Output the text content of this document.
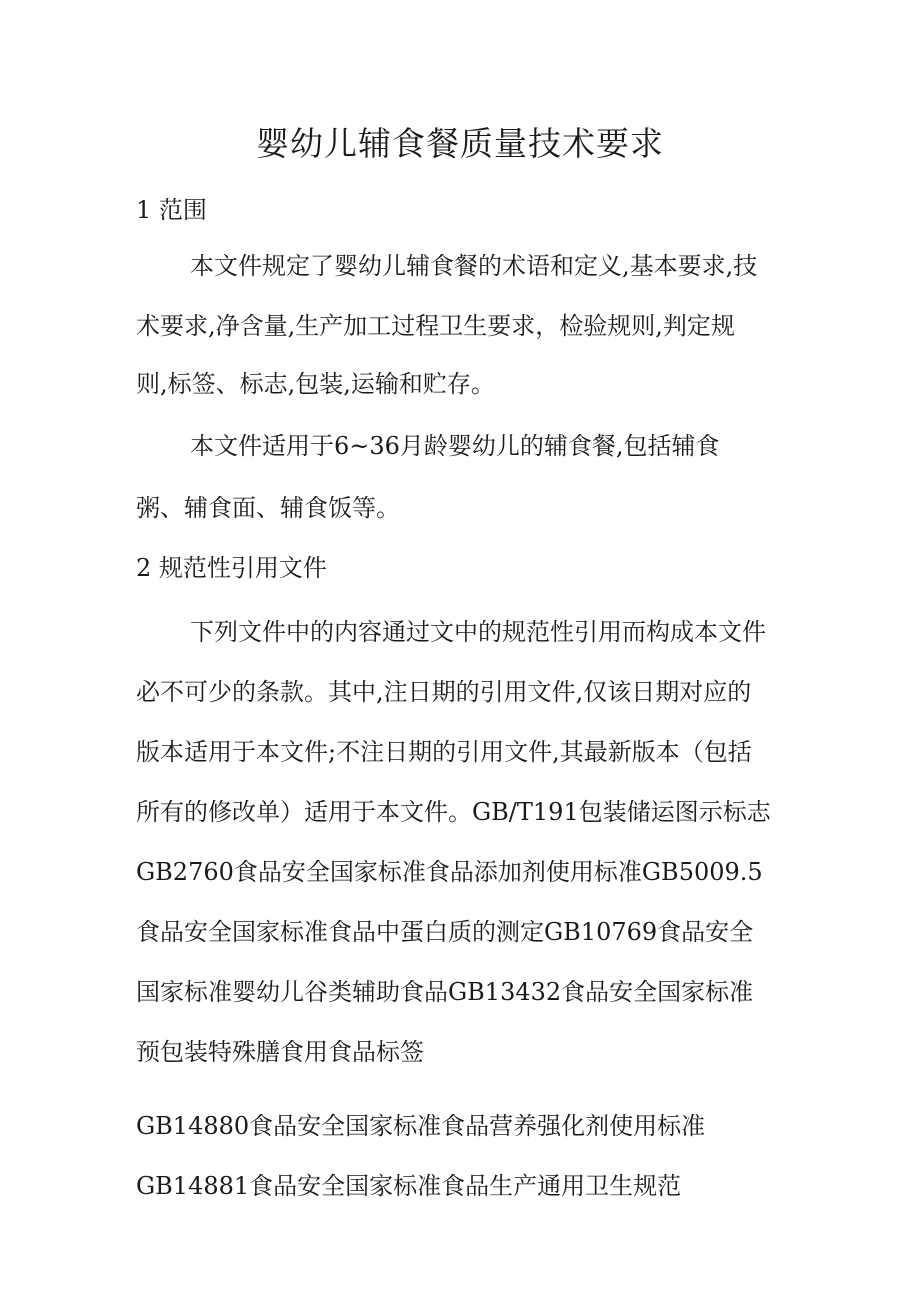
婴幼儿辅食餐质量技术要求

1 范围

本文件规定了婴幼儿辅食餐的术语和定义,基本要求,技

术要求,净含量,生产加工过程卫生要求，检验规则,判定规

则,标签、标志,包装,运输和贮存。

本文件适用于6~36月龄婴幼儿的辅食餐,包括辅食

粥、辅食面、辅食饭等。

2 规范性引用文件

下列文件中的内容通过文中的规范性引用而构成本文件

必不可少的条款。其中,注日期的引用文件,仅该日期对应的

版本适用于本文件;不注日期的引用文件,其最新版本（包括

所有的修改单）适用于本文件。GB/T191包装储运图示标志

GB2760食品安全国家标准食品添加剂使用标准GB5009.5

食品安全国家标准食品中蛋白质的测定GB10769食品安全

国家标准婴幼儿谷类辅助食品GB13432食品安全国家标准

预包装特殊膳食用食品标签

GB14880食品安全国家标准食品营养强化剂使用标准

GB14881食品安全国家标准食品生产通用卫生规范
